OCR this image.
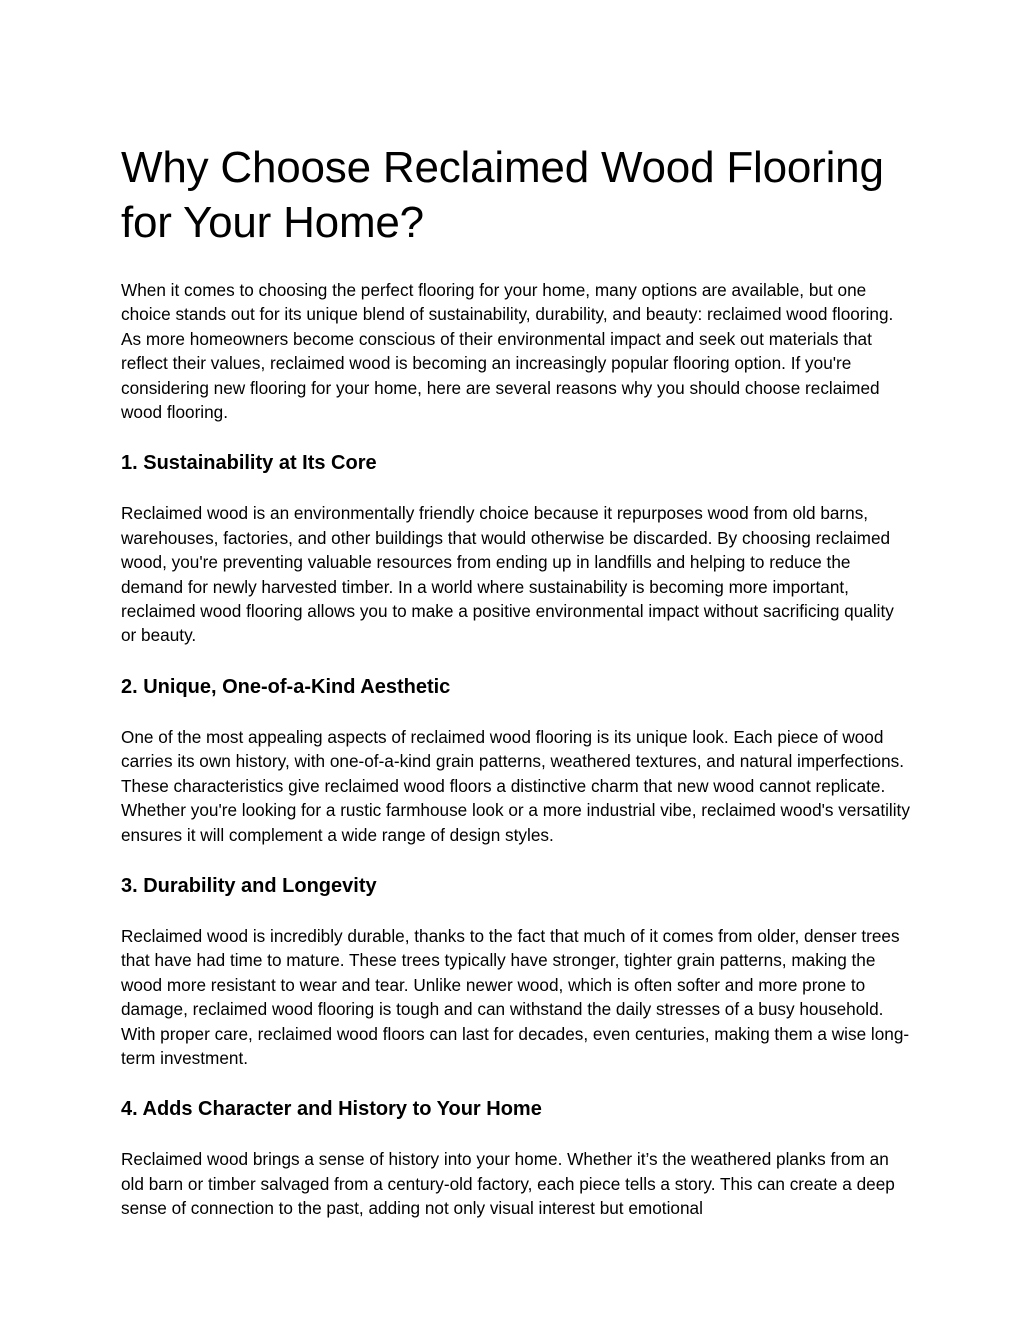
Why Choose Reclaimed Wood Flooring for Your Home?

When it comes to choosing the perfect flooring for your home, many options are available, but one choice stands out for its unique blend of sustainability, durability, and beauty: reclaimed wood flooring. As more homeowners become conscious of their environmental impact and seek out materials that reflect their values, reclaimed wood is becoming an increasingly popular flooring option. If you're considering new flooring for your home, here are several reasons why you should choose reclaimed wood flooring.

1. Sustainability at Its Core

Reclaimed wood is an environmentally friendly choice because it repurposes wood from old barns, warehouses, factories, and other buildings that would otherwise be discarded. By choosing reclaimed wood, you're preventing valuable resources from ending up in landfills and helping to reduce the demand for newly harvested timber. In a world where sustainability is becoming more important, reclaimed wood flooring allows you to make a positive environmental impact without sacrificing quality or beauty.

2. Unique, One-of-a-Kind Aesthetic

One of the most appealing aspects of reclaimed wood flooring is its unique look. Each piece of wood carries its own history, with one-of-a-kind grain patterns, weathered textures, and natural imperfections. These characteristics give reclaimed wood floors a distinctive charm that new wood cannot replicate. Whether you're looking for a rustic farmhouse look or a more industrial vibe, reclaimed wood's versatility ensures it will complement a wide range of design styles.

3. Durability and Longevity

Reclaimed wood is incredibly durable, thanks to the fact that much of it comes from older, denser trees that have had time to mature. These trees typically have stronger, tighter grain patterns, making the wood more resistant to wear and tear. Unlike newer wood, which is often softer and more prone to damage, reclaimed wood flooring is tough and can withstand the daily stresses of a busy household. With proper care, reclaimed wood floors can last for decades, even centuries, making them a wise long-term investment.

4. Adds Character and History to Your Home

Reclaimed wood brings a sense of history into your home. Whether it’s the weathered planks from an old barn or timber salvaged from a century-old factory, each piece tells a story. This can create a deep sense of connection to the past, adding not only visual interest but emotional
